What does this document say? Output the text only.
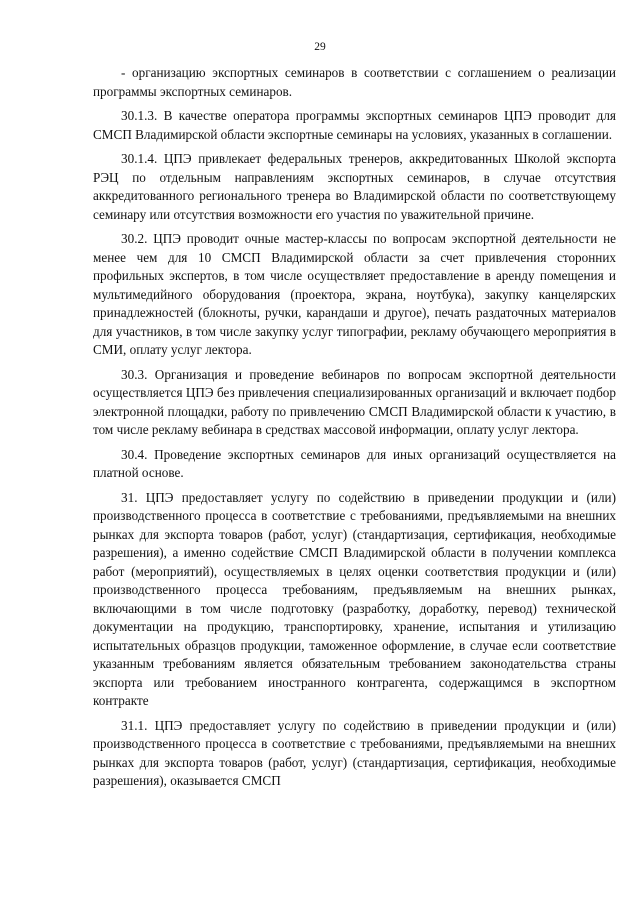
29

- организацию экспортных семинаров в соответствии с соглашением о реализации программы экспортных семинаров.

30.1.3. В качестве оператора программы экспортных семинаров ЦПЭ проводит для СМСП Владимирской области экспортные семинары на условиях, указанных в соглашении.

30.1.4. ЦПЭ привлекает федеральных тренеров, аккредитованных Школой экспорта РЭЦ по отдельным направлениям экспортных семинаров, в случае отсутствия аккредитованного регионального тренера во Владимирской области по соответствующему семинару или отсутствия возможности его участия по уважительной причине.

30.2. ЦПЭ проводит очные мастер-классы по вопросам экспортной деятельности не менее чем для 10 СМСП Владимирской области за счет привлечения сторонних профильных экспертов, в том числе осуществляет предоставление в аренду помещения и мультимедийного оборудования (проектора, экрана, ноутбука), закупку канцелярских принадлежностей (блокноты, ручки, карандаши и другое), печать раздаточных материалов для участников, в том числе закупку услуг типографии, рекламу обучающего мероприятия в СМИ, оплату услуг лектора.

30.3. Организация и проведение вебинаров по вопросам экспортной деятельности осуществляется ЦПЭ без привлечения специализированных организаций и включает подбор электронной площадки, работу по привлечению СМСП Владимирской области к участию, в том числе рекламу вебинара в средствах массовой информации, оплату услуг лектора.

30.4. Проведение экспортных семинаров для иных организаций осуществляется на платной основе.

31. ЦПЭ предоставляет услугу по содействию в приведении продукции и (или) производственного процесса в соответствие с требованиями, предъявляемыми на внешних рынках для экспорта товаров (работ, услуг) (стандартизация, сертификация, необходимые разрешения), а именно содействие СМСП Владимирской области в получении комплекса работ (мероприятий), осуществляемых в целях оценки соответствия продукции и (или) производственного процесса требованиям, предъявляемым на внешних рынках, включающими в том числе подготовку (разработку, доработку, перевод) технической документации на продукцию, транспортировку, хранение, испытания и утилизацию испытательных образцов продукции, таможенное оформление, в случае если соответствие указанным требованиям является обязательным требованием законодательства страны экспорта или требованием иностранного контрагента, содержащимся в экспортном контракте

31.1. ЦПЭ предоставляет услугу по содействию в приведении продукции и (или) производственного процесса в соответствие с требованиями, предъявляемыми на внешних рынках для экспорта товаров (работ, услуг) (стандартизация, сертификация, необходимые разрешения), оказывается СМСП
